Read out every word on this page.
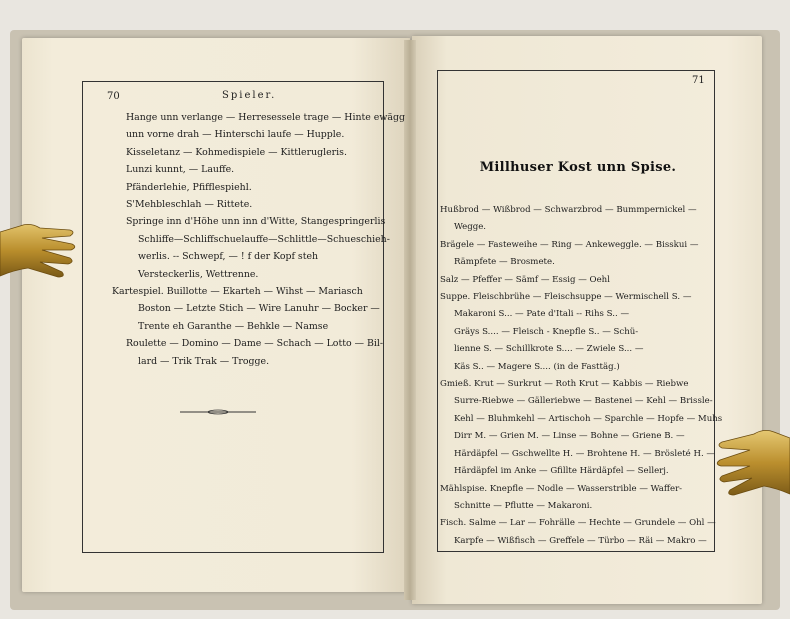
70	Spieler.
Hange unn verlange — Herresessele trage — Hinte ewägg
unn vorne drah — Hinterschi laufe — Hupple.
Kisseletanz — Kohmedispiele — Kittlerugleris.
Lunzi kunnt, — Lauffe.
Pfänderlehie, Pfifflespiehl.
S'Mehbleschlah — Rittete.
Springe inn d'Höhe unn inn d'Witte, Stangespringerlis
Schliffe—Schliffschuelauffe—Schlittle—Schueschieh-
werlis. -- Schwepf, — ! f der Kopf steh
Versteckerlis, Wettrenne.
Kartespiel. Buillotte — Ekarteh — Wihst — Mariasch
Boston — Letzte Stich — Wire Lanuhr — Bocker —
Trente eh Garanthe — Behkle — Namse
Roulette — Domino — Dame — Schach — Lotto — Bil-
lard — Trik Trak — Trogge.
71
Millhuser Kost unn Spise.
Hußbrod — Wißbrod — Schwarzbrod — Bummpernickel —
Wegge.
Brägele — Fasteweihe — Ring — Ankeweggle. — Bisskui —
Rämpfete — Brosmete.
Salz — Pfeffer — Sämf — Essig — Oehl
Suppe. Fleischbrühe — Fleischsuppe — Wermischell S. —
Makaroni S... — Pate d'Itali -- Rihs S.. —
Gräys S.... — Fleisch - Knepfle S.. — Schü-
lienne S. — Schillkrote S.... — Zwiele S... —
Käs S.. — Magere S.... (in de Fasttäg.)
Gmieß. Krut — Surkrut — Roth Krut — Kabbis — Riebwe
Surre-Riebwe — Gälleriebwe — Bastenei — Kehl — Brissle-
Kehl — Bluhmkehl — Artischoh — Sparchle — Hopfe — Muhs
Dirr M. — Grien M. — Linse — Bohne — Griene B. —
Härdäpfel — Gschwellte H. — Brohtene H. — Brösleté H. —
Härdäpfel im Anke — Gfillte Härdäpfel — Sellerj.
Mählspise. Knepfle — Nodle — Wasserstrible — Waffer-
Schnitte — Pflutte — Makaroni.
Fisch. Salme — Lar — Fohrälle — Hechte — Grundele — Ohl —
Karpfe — Wißfisch — Greffele — Türbo — Räi — Makro —
